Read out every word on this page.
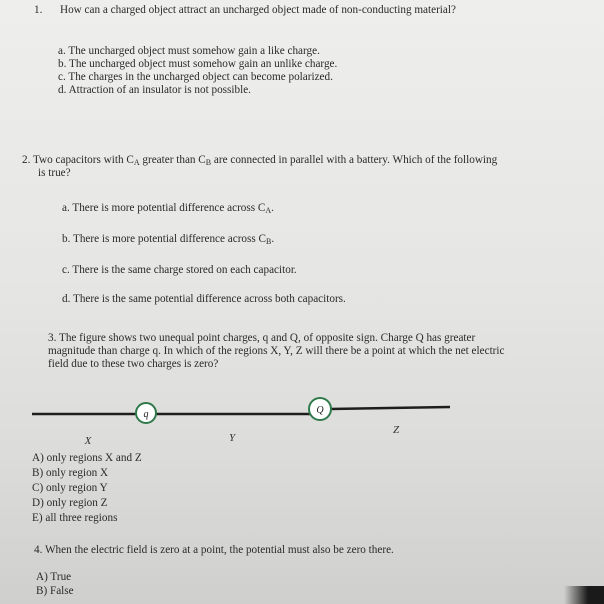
1. How can a charged object attract an uncharged object made of non-conducting material?
a. The uncharged object must somehow gain a like charge.
b. The uncharged object must somehow gain an unlike charge.
c. The charges in the uncharged object can become polarized.
d. Attraction of an insulator is not possible.
2. Two capacitors with $C_A$ greater than $C_B$ are connected in parallel with a battery. Which of the following
is true?
a. There is more potential difference across $C_A$.
b. There is more potential difference across $C_B$.
c. There is the same charge stored on each capacitor.
d. There is the same potential difference across both capacitors.
3. The figure shows two unequal point charges, q and Q, of opposite sign. Charge Q has greater
magnitude than charge q. In which of the regions X, Y, Z will there be a point at which the net electric
field due to these two charges is zero?
q	Q
X	Y
Z
A) only regions X and Z
B) only region X
C) only region Y
D) only region Z
E) all three regions
4. When the electric field is zero at a point, the potential must also be zero there.
A) True
B) False
